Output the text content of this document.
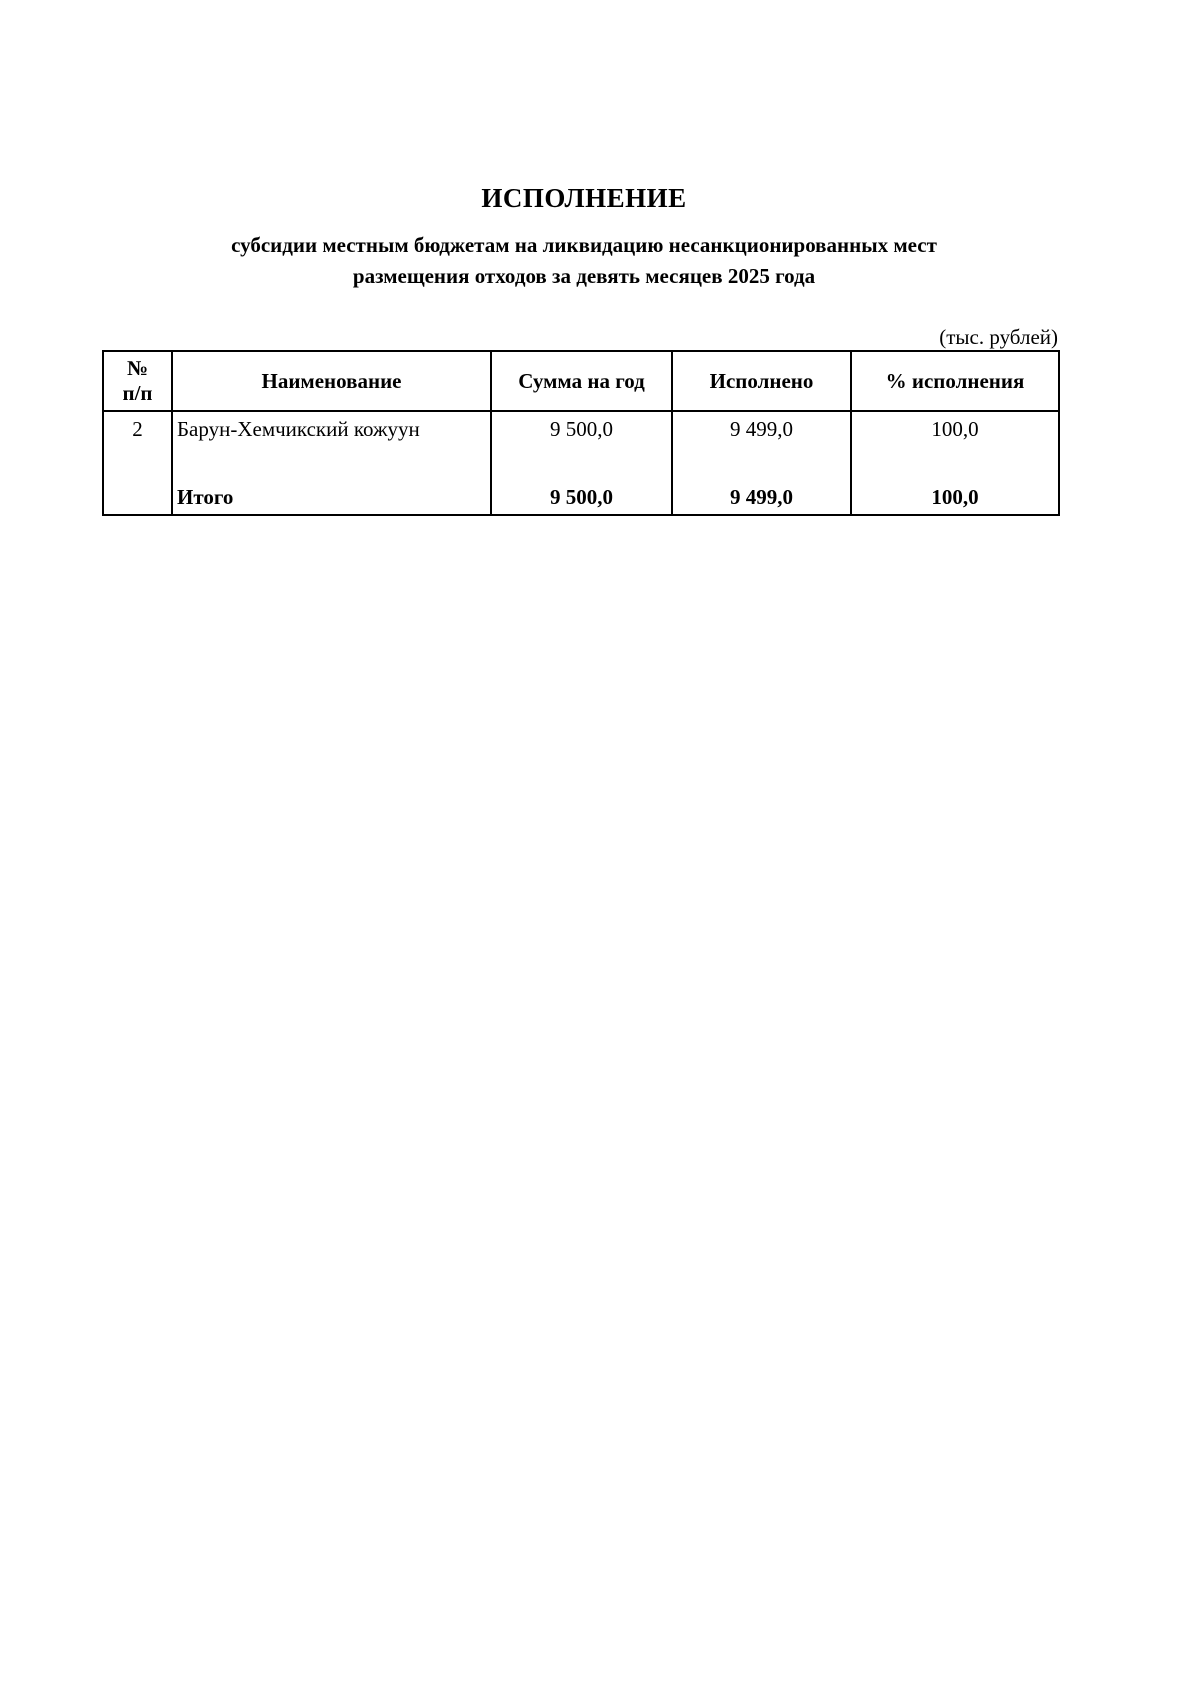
ИСПОЛНЕНИЕ
субсидии местным бюджетам на ликвидацию несанкционированных мест
размещения отходов за девять месяцев 2025 года
(тыс. рублей)
№
п/п	Наименование	Сумма на год	Исполнено	% исполнения
2	Барун-Хемчикский кожуун	9 500,0	9 499,0	100,0

	Итого	9 500,0	9 499,0	100,0
